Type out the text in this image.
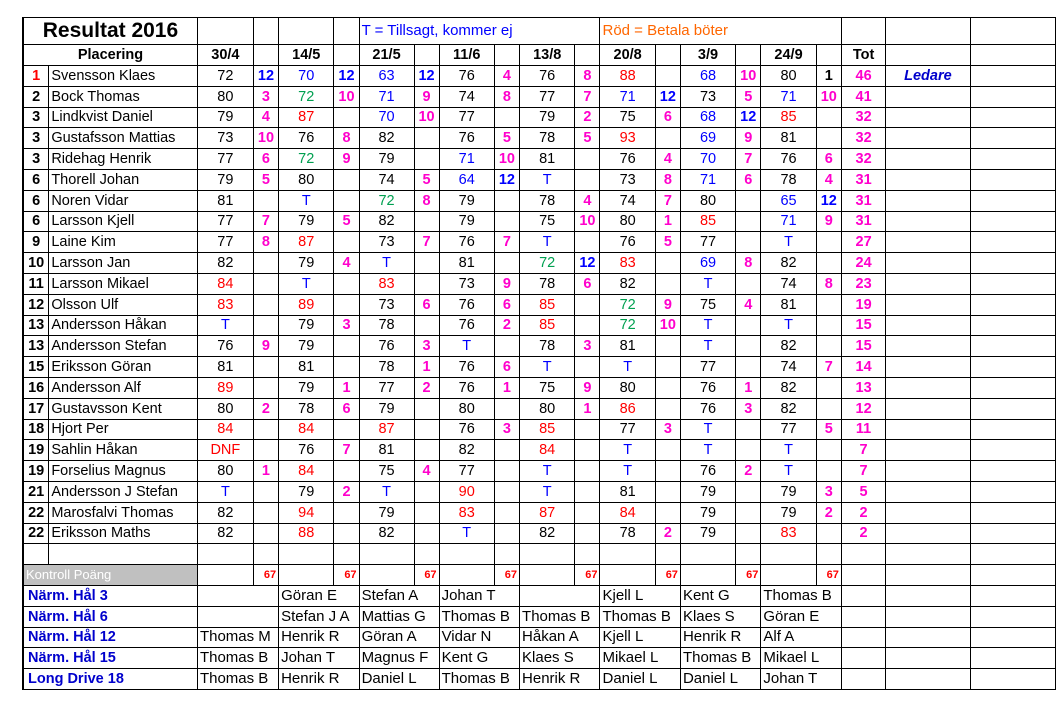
Resultat 2016						T = Tillsagt, kommer ej						Röd = Betala böter								
Placering		30/4		14/5		21/5		11/6		13/8		20/8		3/9		24/9		Tot		
1	Svensson Klaes	72	12	70	12	63	12	76	4	76	8	88		68	10	80	1	46	Ledare	
2	Bock Thomas	80	3	72	10	71	9	74	8	77	7	71	12	73	5	71	10	41		
3	Lindkvist Daniel	79	4	87		70	10	77		79	2	75	6	68	12	85		32		
3	Gustafsson Mattias	73	10	76	8	82		76	5	78	5	93		69	9	81		32		
3	Ridehag Henrik	77	6	72	9	79		71	10	81		76	4	70	7	76	6	32		
6	Thorell Johan	79	5	80		74	5	64	12	T		73	8	71	6	78	4	31		
6	Noren Vidar	81		T		72	8	79		78	4	74	7	80		65	12	31		
6	Larsson Kjell	77	7	79	5	82		79		75	10	80	1	85		71	9	31		
9	Laine Kim	77	8	87		73	7	76	7	T		76	5	77		T		27		
10	Larsson Jan	82		79	4	T		81		72	12	83		69	8	82		24		
11	Larsson Mikael	84		T		83		73	9	78	6	82		T		74	8	23		
12	Olsson Ulf	83		89		73	6	76	6	85		72	9	75	4	81		19		
13	Andersson Håkan	T		79	3	78		76	2	85		72	10	T		T		15		
13	Andersson Stefan	76	9	79		76	3	T		78	3	81		T		82		15		
15	Eriksson Göran	81		81		78	1	76	6	T		T		77		74	7	14		
16	Andersson Alf	89		79	1	77	2	76	1	75	9	80		76	1	82		13		
17	Gustavsson Kent	80	2	78	6	79		80		80	1	86		76	3	82		12		
18	Hjort Per	84		84		87		76	3	85		77	3	T		77	5	11		
19	Sahlin Håkan	DNF		76	7	81		82		84		T		T		T		7		
19	Forselius Magnus	80	1	84		75	4	77		T		T		76	2	T		7		
21	Andersson J Stefan	T		79	2	T		90		T		81		79		79	3	5		
22	Marosfalvi Thomas	82		94		79		83		87		84		79		79	2	2		
22	Eriksson Maths	82		88		82		T		82		78	2	79		83		2		

Kontroll Poäng			67		67		67		67		67		67		67		67			
Närm. Hål 3				Göran E		Stefan A		Johan T				Kjell L		Kent G		Thomas B				
Närm. Hål 6				Stefan J A		Mattias G		Thomas B		Thomas B		Thomas B		Klaes S		Göran E				
Närm. Hål 12		Thomas M		Henrik R		Göran A		Vidar N		Håkan A		Kjell L		Henrik R		Alf A				
Närm. Hål 15		Thomas B		Johan T		Magnus F		Kent G		Klaes S		Mikael L		Thomas B		Mikael L				
Long Drive 18		Thomas B		Henrik R		Daniel L		Thomas B		Henrik R		Daniel L		Daniel L		Johan T				
